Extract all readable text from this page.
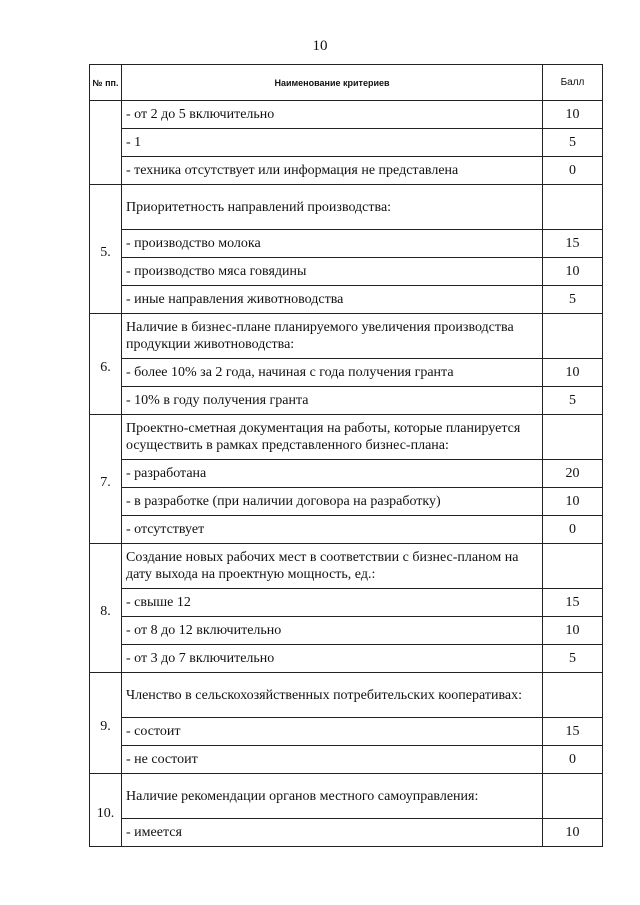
10
№ пп.	Наименование критериев	Балл
	- от 2 до 5 включительно	10
	- 1	5
	- техника отсутствует или информация не представлена	0
5.	Приоритетность направлений производства:	
	- производство молока	15
	- производство мяса говядины	10
	- иные направления животноводства	5
6.	Наличие в бизнес-плане планируемого увеличения производства продукции животноводства:	
	- более 10% за 2 года, начиная с года получения гранта	10
	- 10% в году получения гранта	5
7.	Проектно-сметная документация на работы, которые планируется осуществить в рамках представленного бизнес-плана:	
	- разработана	20
	- в разработке (при наличии договора на разработку)	10
	- отсутствует	0
8.	Создание новых рабочих мест в соответствии с бизнес-планом на дату выхода на проектную мощность, ед.:	
	- свыше 12	15
	- от 8 до 12 включительно	10
	- от 3 до 7 включительно	5
9.	Членство в сельскохозяйственных потребительских кооперативах:	
	- состоит	15
	- не состоит	0
10.	Наличие рекомендации органов местного самоуправления:	
	- имеется	10
